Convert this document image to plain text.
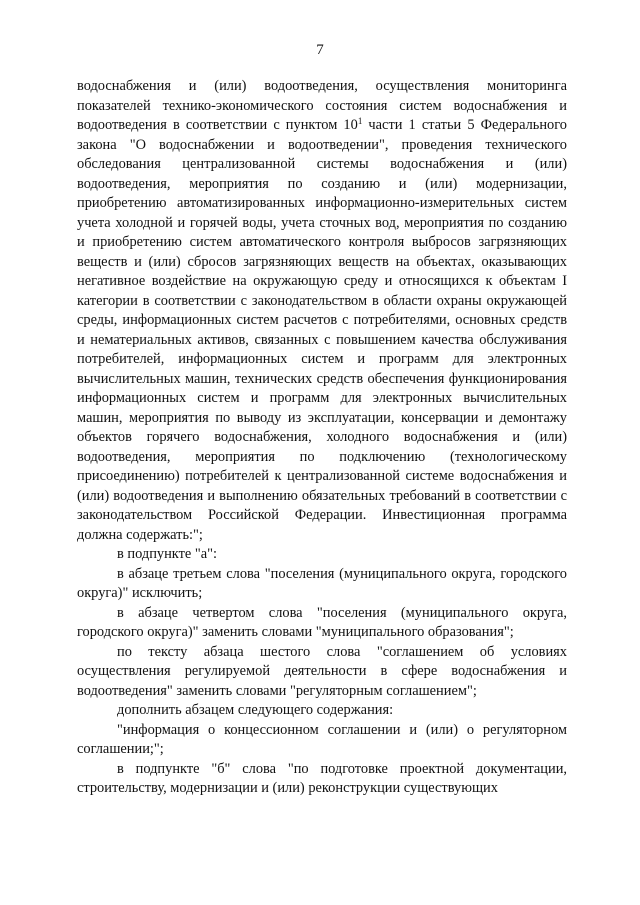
7

водоснабжения и (или) водоотведения, осуществления мониторинга показателей технико-экономического состояния систем водоснабжения и водоотведения в соответствии с пунктом $10^1$ части 1 статьи 5 Федерального закона "О водоснабжении и водоотведении", проведения технического обследования централизованной системы водоснабжения и (или) водоотведения, мероприятия по созданию и (или) модернизации, приобретению автоматизированных информационно-измерительных систем учета холодной и горячей воды, учета сточных вод, мероприятия по созданию и приобретению систем автоматического контроля выбросов загрязняющих веществ и (или) сбросов загрязняющих веществ на объектах, оказывающих негативное воздействие на окружающую среду и относящихся к объектам I категории в соответствии с законодательством в области охраны окружающей среды, информационных систем расчетов с потребителями, основных средств и нематериальных активов, связанных с повышением качества обслуживания потребителей, информационных систем и программ для электронных вычислительных машин, технических средств обеспечения функционирования информационных систем и программ для электронных вычислительных машин, мероприятия по выводу из эксплуатации, консервации и демонтажу объектов горячего водоснабжения, холодного водоснабжения и (или) водоотведения, мероприятия по подключению (технологическому присоединению) потребителей к централизованной системе водоснабжения и (или) водоотведения и выполнению обязательных требований в соответствии с законодательством Российской Федерации. Инвестиционная программа должна содержать:";

в подпункте "а":

в абзаце третьем слова "поселения (муниципального округа, городского округа)" исключить;

в абзаце четвертом слова "поселения (муниципального округа, городского округа)" заменить словами "муниципального образования";

по тексту абзаца шестого слова "соглашением об условиях осуществления регулируемой деятельности в сфере водоснабжения и водоотведения" заменить словами "регуляторным соглашением";

дополнить абзацем следующего содержания:

"информация о концессионном соглашении и (или) о регуляторном соглашении;";

в подпункте "б" слова "по подготовке проектной документации, строительству, модернизации и (или) реконструкции существующих
